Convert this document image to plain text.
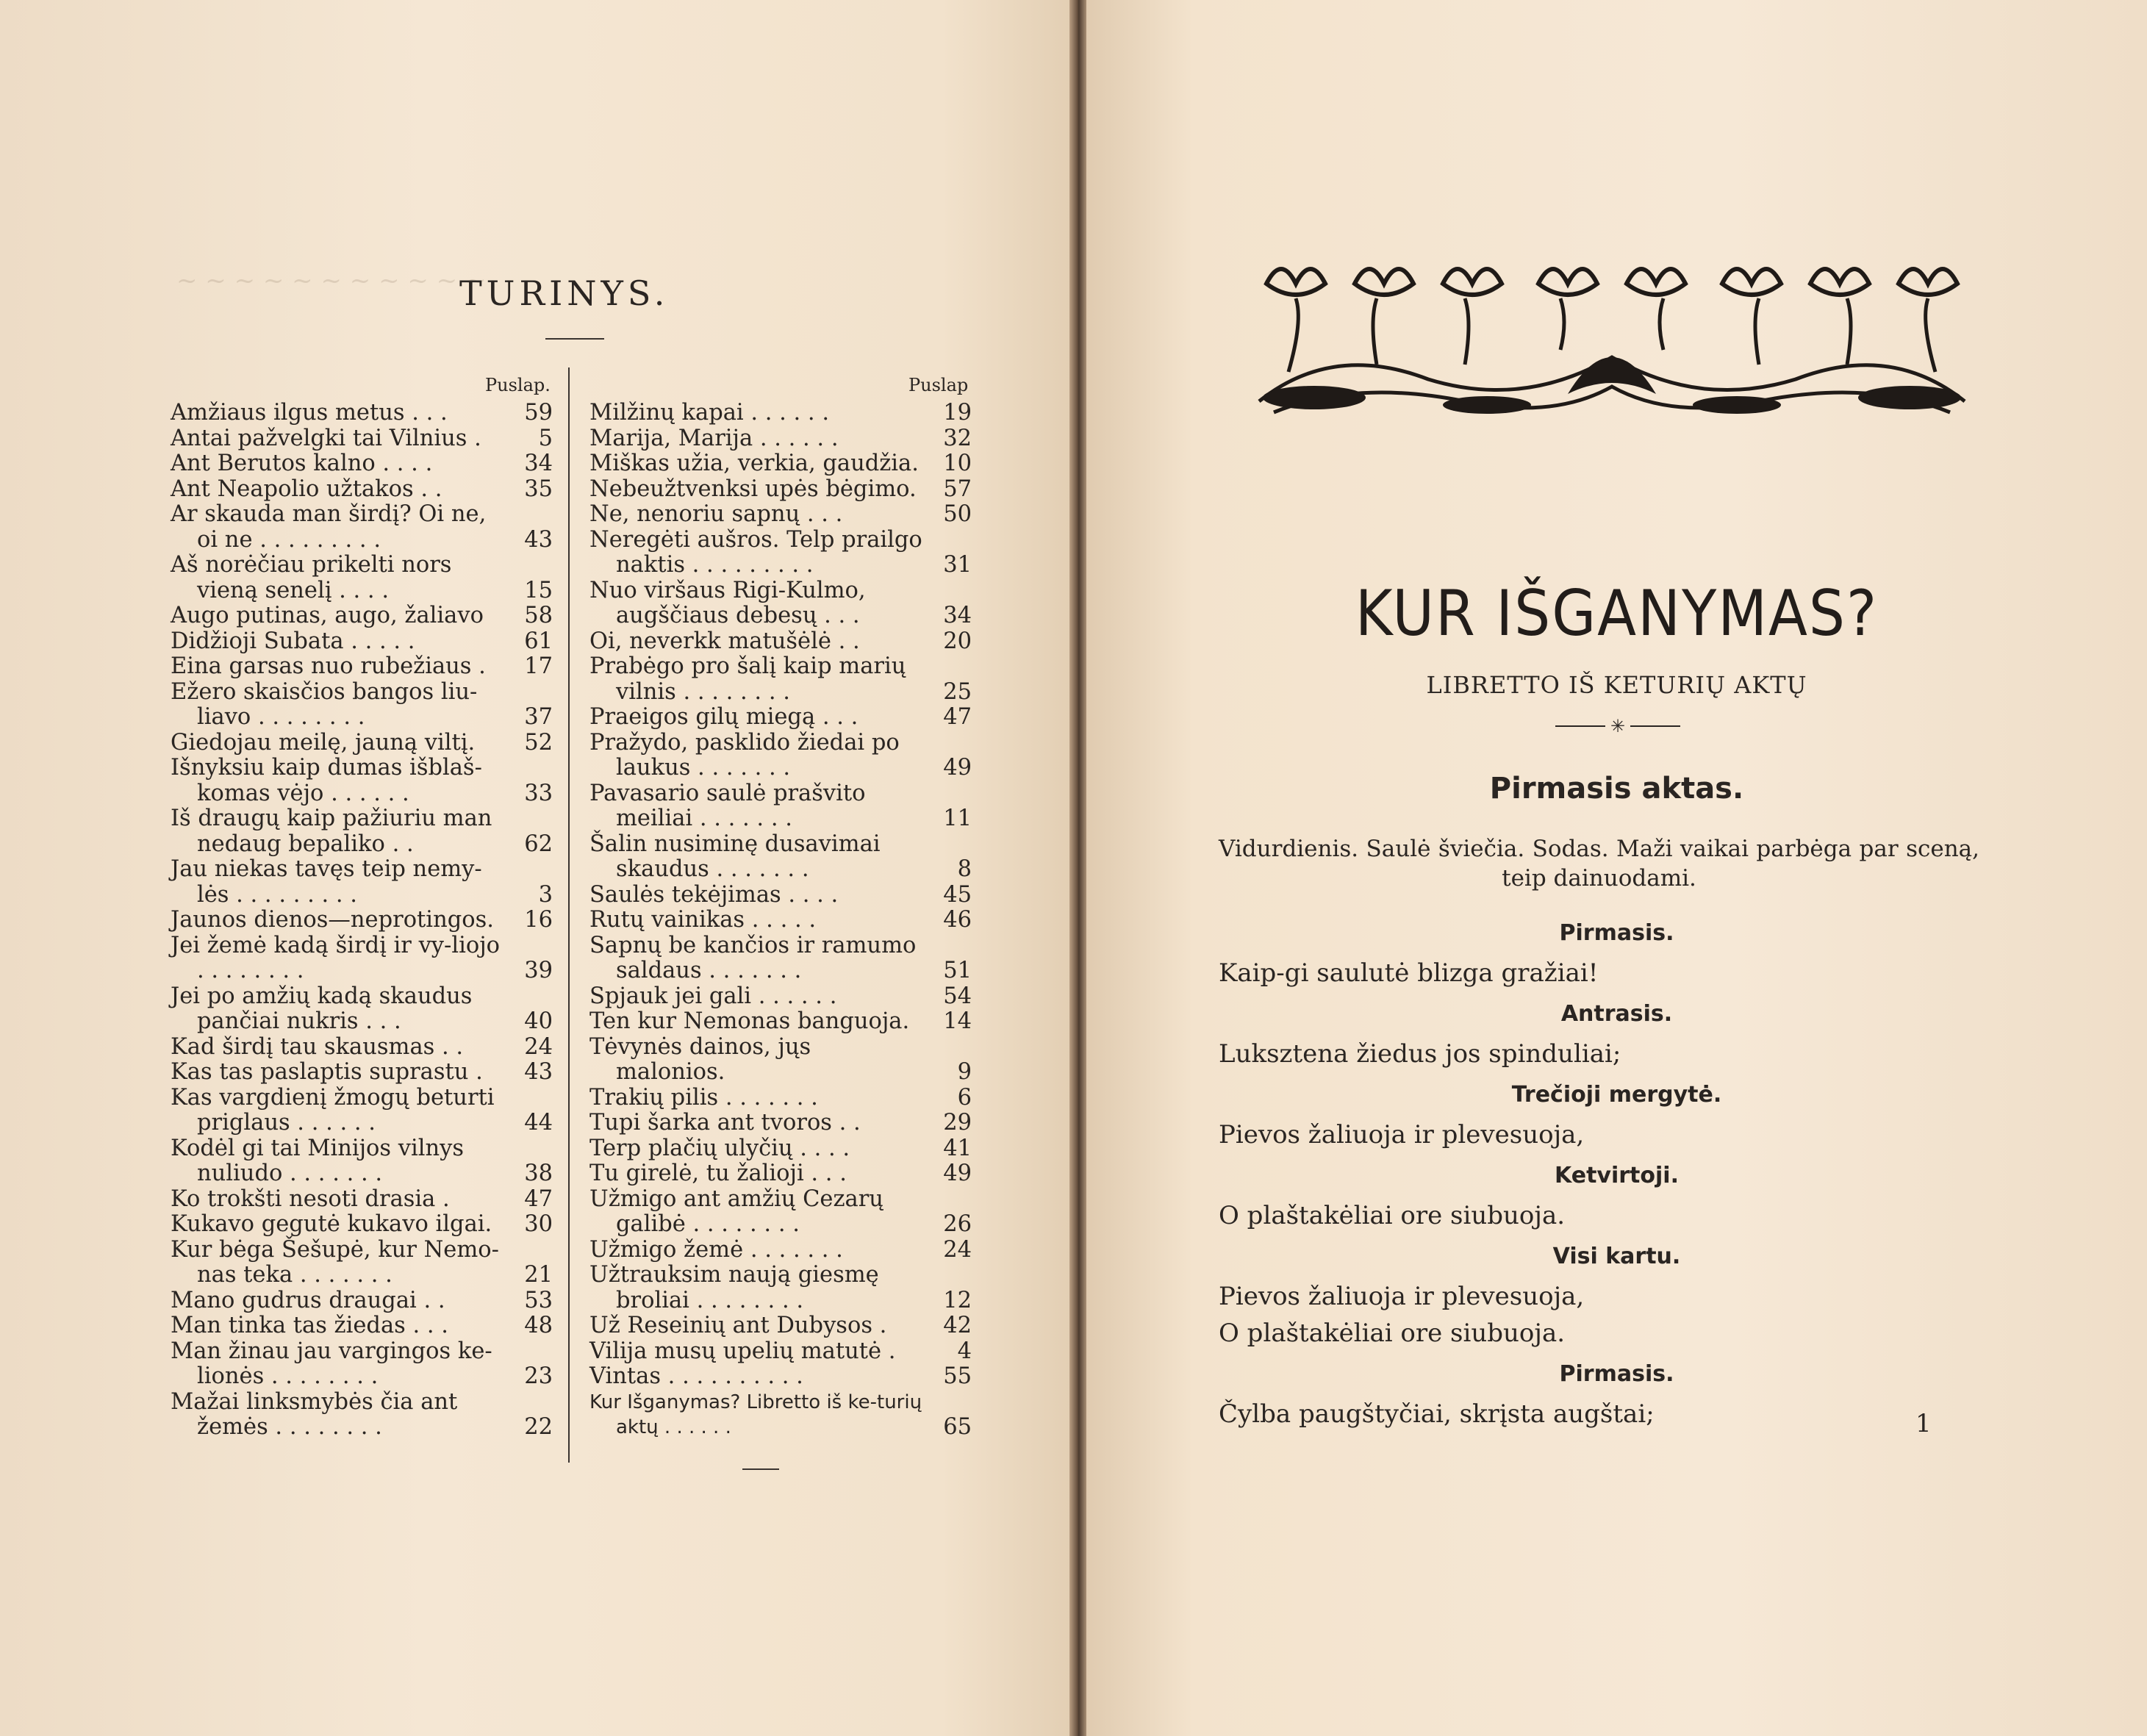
~ ~ ~ ~ ~ ~ ~ ~ ~ ~ ~
TURINYS.
Puslap.	Puslap
Amžiaus ilgus metus . . .	59
Antai pažvelgki tai Vilnius .	5
Ant Berutos kalno . . . .	34
Ant Neapolio užtakos . .	35
Ar skauda man širdį? Oi ne, oi ne . . . . . . . . .	43
Aš norėčiau prikelti nors vieną senelį . . . .	15
Augo putinas, augo, žaliavo	58
Didžioji Subata . . . . .	61
Eina garsas nuo rubežiaus .	17
Ežero skaisčios bangos liu-liavo . . . . . . . .	37
Giedojau meilę, jauną viltį.	52
Išnyksiu kaip dumas išblaš-komas vėjo . . . . . .	33
Iš draugų kaip pažiuriu man nedaug bepaliko . .	62
Jau niekas tavęs teip nemy-lės . . . . . . . . .	3
Jaunos dienos—neprotingos.	16
Jei žemė kadą širdį ir vy-liojo . . . . . . . .	39
Jei po amžių kadą skaudus pančiai nukris . . .	40
Kad širdį tau skausmas . .	24
Kas tas paslaptis suprastu .	43
Kas vargdienį žmogų beturti priglaus . . . . . .	44
Kodėl gi tai Minijos vilnys nuliudo . . . . . . .	38
Ko trokšti nesoti drasia .	47
Kukavo gegutė kukavo ilgai.	30
Kur bėga Šešupė, kur Nemo-nas teka . . . . . . .	21
Mano gudrus draugai . .	53
Man tinka tas žiedas . . .	48
Man žinau jau vargingos ke-lionės . . . . . . . .	23
Mažai linksmybės čia ant žemės . . . . . . . .	22
Milžinų kapai . . . . . .	19
Marija, Marija . . . . . .	32
Miškas užia, verkia, gaudžia.	10
Nebeužtvenksi upės bėgimo.	57
Ne, nenoriu sapnų . . .	50
Neregėti aušros. Telp prailgo naktis . . . . . . . . .	31
Nuo viršaus Rigi-Kulmo, augščiaus debesų . . .	34
Oi, neverkk matušėlė . .	20
Prabėgo pro šalį kaip marių vilnis . . . . . . . .	25
Praeigos gilų miegą . . .	47
Pražydo, pasklido žiedai po laukus . . . . . . .	49
Pavasario saulė prašvito meiliai . . . . . . .	11
Šalin nusiminę dusavimai skaudus . . . . . . .	8
Saulės tekėjimas . . . .	45
Rutų vainikas . . . . .	46
Sapnų be kančios ir ramumo saldaus . . . . . . .	51
Spjauk jei gali . . . . . .	54
Ten kur Nemonas banguoja.	14
Tėvynės dainos, jųs malonios.	9
Trakių pilis . . . . . . .	6
Tupi šarka ant tvoros . .	29
Terp plačių ulyčių . . . .	41
Tu girelė, tu žalioji . . .	49
Užmigo ant amžių Cezarų galibė . . . . . . . .	26
Užmigo žemė . . . . . . .	24
Užtrauksim naują giesmę broliai . . . . . . . .	12
Už Reseinių ant Dubysos .	42
Vilija musų upelių matutė .	4
Vintas . . . . . . . . . .	55
Kur Išganymas? Libretto iš ke-turių aktų . . . . . .	65
KUR IŠGANYMAS?
LIBRETTO IŠ KETURIŲ AKTŲ
✳
Pirmasis aktas.
Vidurdienis. Saulė šviečia. Sodas. Maži vaikai parbėga par sceną, teip dainuodami.
Pirmasis.
Kaip-gi saulutė blizga gražiai!
Antrasis.
Luksztena žiedus jos spinduliai;
Trečioji mergytė.
Pievos žaliuoja ir plevesuoja,
Ketvirtoji.
O plaštakėliai ore siubuoja.
Visi kartu.
Pievos žaliuoja ir plevesuoja,
O plaštakėliai ore siubuoja.
Pirmasis.
Čylba paugštyčiai, skrįsta augštai;	1
